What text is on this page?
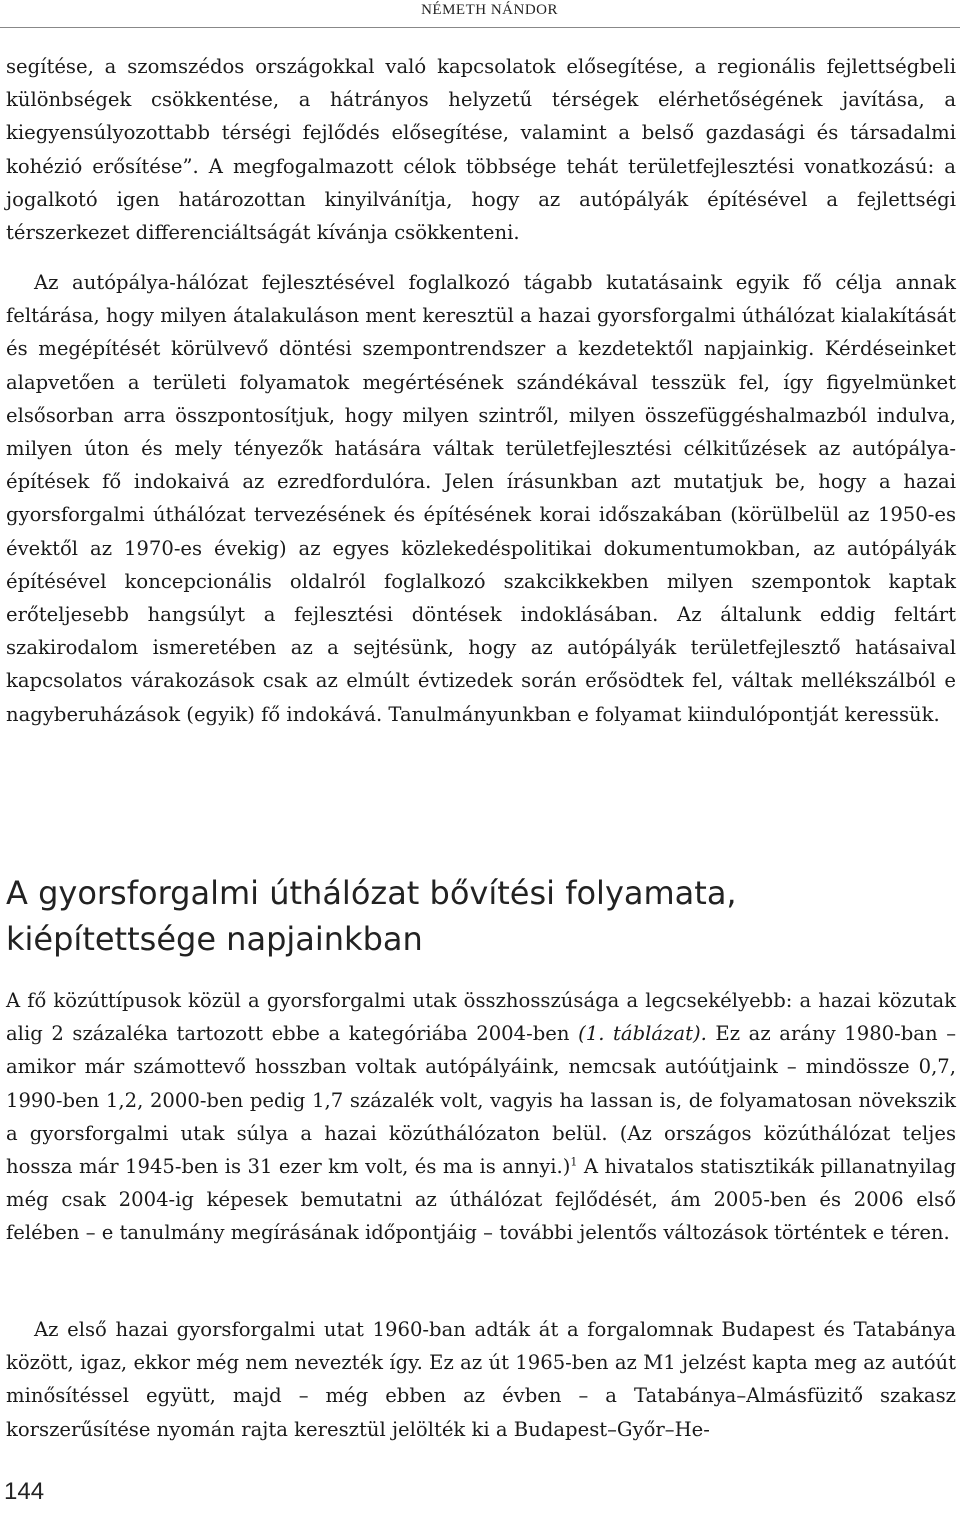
NÉMETH NÁNDOR

segítése, a szomszédos országokkal való kapcsolatok elősegítése, a regionális fejlettségbeli különbségek csökkentése, a hátrányos helyzetű térségek elérhetőségének javítása, a kiegyensúlyozottabb térségi fejlődés elősegítése, valamint a belső gazdasági és társadalmi kohézió erősítése”. A megfogalmazott célok többsége tehát területfejlesztési vonatkozású: a jogalkotó igen határozottan kinyilvánítja, hogy az autópályák építésével a fejlettségi térszerkezet differenciáltságát kívánja csökkenteni.

Az autópálya-hálózat fejlesztésével foglalkozó tágabb kutatásaink egyik fő célja annak feltárása, hogy milyen átalakuláson ment keresztül a hazai gyorsforgalmi úthálózat kialakítását és megépítését körülvevő döntési szempontrendszer a kezdetektől napjainkig. Kérdéseinket alapvetően a területi folyamatok megértésének szándékával tesszük fel, így figyelmünket elsősorban arra összpontosítjuk, hogy milyen szintről, milyen összefüggéshalmazból indulva, milyen úton és mely tényezők hatására váltak területfejlesztési célkitűzések az autópálya-építések fő indokaivá az ezredfordulóra. Jelen írásunkban azt mutatjuk be, hogy a hazai gyorsforgalmi úthálózat tervezésének és építésének korai időszakában (körülbelül az 1950-es évektől az 1970-es évekig) az egyes közlekedéspolitikai dokumentumokban, az autópályák építésével koncepcionális oldalról foglalkozó szakcikkekben milyen szempontok kaptak erőteljesebb hangsúlyt a fejlesztési döntések indoklásában. Az általunk eddig feltárt szakirodalom ismeretében az a sejtésünk, hogy az autópályák területfejlesztő hatásaival kapcsolatos várakozások csak az elmúlt évtizedek során erősödtek fel, váltak mellékszálból e nagyberuházások (egyik) fő indokává. Tanulmányunkban e folyamat kiindulópontját keressük.

A gyorsforgalmi úthálózat bővítési folyamata,
kiépítettsége napjainkban

A fő közúttípusok közül a gyorsforgalmi utak összhosszúsága a legcsekélyebb: a hazai közutak alig 2 százaléka tartozott ebbe a kategóriába 2004-ben (1. táblázat). Ez az arány 1980-ban – amikor már számottevő hosszban voltak autópályáink, nemcsak autóútjaink – mindössze 0,7, 1990-ben 1,2, 2000-ben pedig 1,7 százalék volt, vagyis ha lassan is, de folyamatosan növekszik a gyorsforgalmi utak súlya a hazai közúthálózaton belül. (Az országos közúthálózat teljes hossza már 1945-ben is 31 ezer km volt, és ma is annyi.)$^1$ A hivatalos statisztikák pillanatnyilag még csak 2004-ig képesek bemutatni az úthálózat fejlődését, ám 2005-ben és 2006 első felében – e tanulmány megírásának időpontjáig – további jelentős változások történtek e téren.

Az első hazai gyorsforgalmi utat 1960-ban adták át a forgalomnak Budapest és Tatabánya között, igaz, ekkor még nem nevezték így. Ez az út 1965-ben az M1 jelzést kapta meg az autóút minősítéssel együtt, majd – még ebben az évben – a Tatabánya–Almásfüzitő szakasz korszerűsítése nyomán rajta keresztül jelölték ki a Budapest–Győr–He-

144
